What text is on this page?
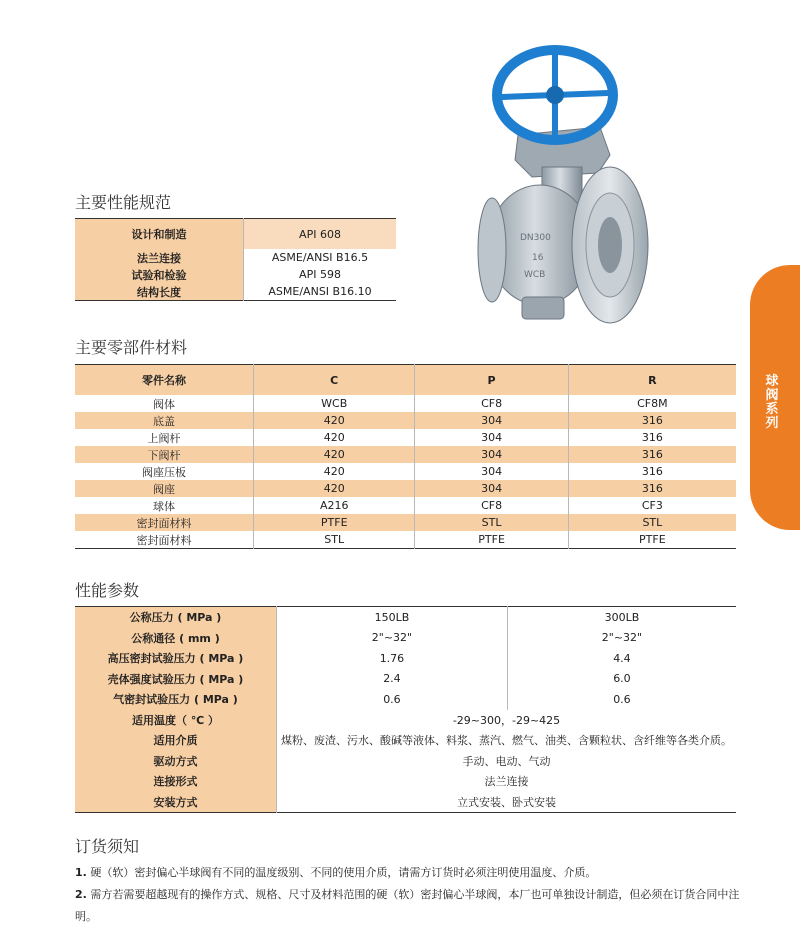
DN300
16
WCB
主要性能规范
设计和制造	API 608
法兰连接	ASME/ANSI B16.5
试验和检验	API 598
结构长度	ASME/ANSI B16.10
主要零部件材料
零件名称	C	P	R
阀体	WCB	CF8	CF8M
底盖	420	304	316
上阀杆	420	304	316
下阀杆	420	304	316
阀座压板	420	304	316
阀座	420	304	316
球体	A216	CF8	CF3
密封面材料	PTFE	STL	STL
密封面材料	STL	PTFE	PTFE
性能参数
公称压力 ( MPa )	150LB	300LB
公称通径 ( mm )	2"~32"	2"~32"
高压密封试验压力 ( MPa )	1.76	4.4
壳体强度试验压力 ( MPa )	2.4	6.0
气密封试验压力 ( MPa )	0.6	0.6
适用温度（ ℃ ）	-29~300，-29~425	
适用介质	煤粉、废渣、污水、酸碱等液体、料浆、蒸汽、燃气、油类、含颗粒状、含纤维等各类介质。	
驱动方式	手动、电动、气动	
连接形式	法兰连接	
安装方式	立式安装、卧式安装	
订货须知
1. 硬（软）密封偏心半球阀有不同的温度级别、不同的使用介质，请需方订货时必须注明使用温度、介质。
2. 需方若需要超越现有的操作方式、规格、尺寸及材料范围的硬（软）密封偏心半球阀，本厂也可单独设计制造，但必须在订货合同中注明。
球阀系列
